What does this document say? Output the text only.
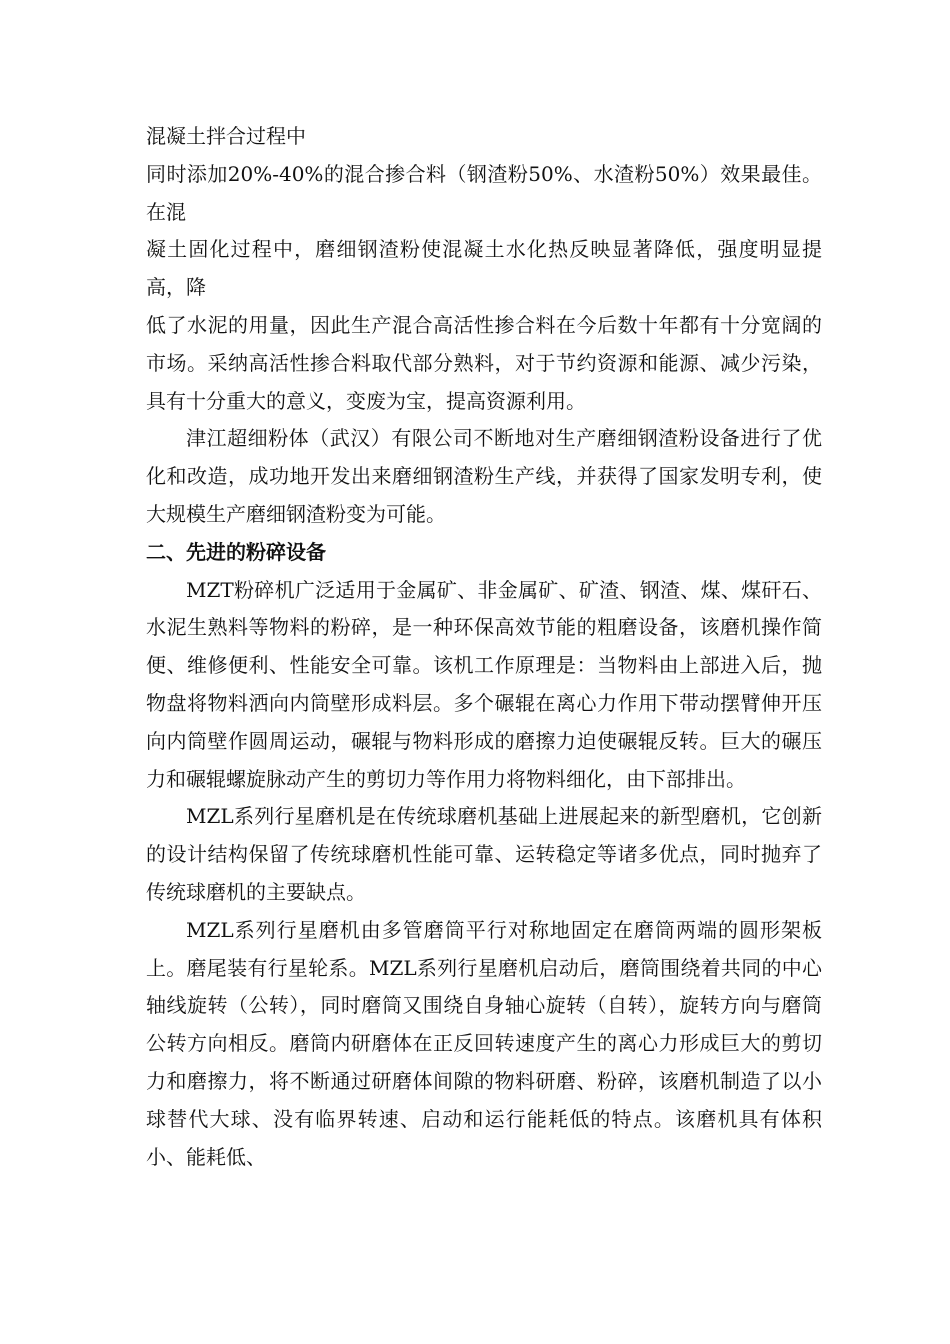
混凝土拌合过程中

同时添加20%-40%的混合掺合料（钢渣粉50%、水渣粉50%）效果最佳。在混

凝土固化过程中，磨细钢渣粉使混凝土水化热反映显著降低，强度明显提高，降

低了水泥的用量，因此生产混合高活性掺合料在今后数十年都有十分宽阔的市场。采纳高活性掺合料取代部分熟料，对于节约资源和能源、减少污染，具有十分重大的意义，变废为宝，提高资源利用。

津江超细粉体（武汉）有限公司不断地对生产磨细钢渣粉设备进行了优化和改造，成功地开发出来磨细钢渣粉生产线，并获得了国家发明专利，使大规模生产磨细钢渣粉变为可能。

二、先进的粉碎设备

MZT粉碎机广泛适用于金属矿、非金属矿、矿渣、钢渣、煤、煤矸石、水泥生熟料等物料的粉碎，是一种环保高效节能的粗磨设备，该磨机操作简便、维修便利、性能安全可靠。该机工作原理是：当物料由上部进入后，抛物盘将物料洒向内筒壁形成料层。多个碾辊在离心力作用下带动摆臂伸开压向内筒壁作圆周运动，碾辊与物料形成的磨擦力迫使碾辊反转。巨大的碾压力和碾辊螺旋脉动产生的剪切力等作用力将物料细化，由下部排出。

MZL系列行星磨机是在传统球磨机基础上进展起来的新型磨机，它创新的设计结构保留了传统球磨机性能可靠、运转稳定等诸多优点，同时抛弃了传统球磨机的主要缺点。

MZL系列行星磨机由多管磨筒平行对称地固定在磨筒两端的圆形架板上。磨尾装有行星轮系。MZL系列行星磨机启动后，磨筒围绕着共同的中心轴线旋转（公转），同时磨筒又围绕自身轴心旋转（自转），旋转方向与磨筒公转方向相反。磨筒内研磨体在正反回转速度产生的离心力形成巨大的剪切力和磨擦力，将不断通过研磨体间隙的物料研磨、粉碎，该磨机制造了以小球替代大球、没有临界转速、启动和运行能耗低的特点。该磨机具有体积小、能耗低、
